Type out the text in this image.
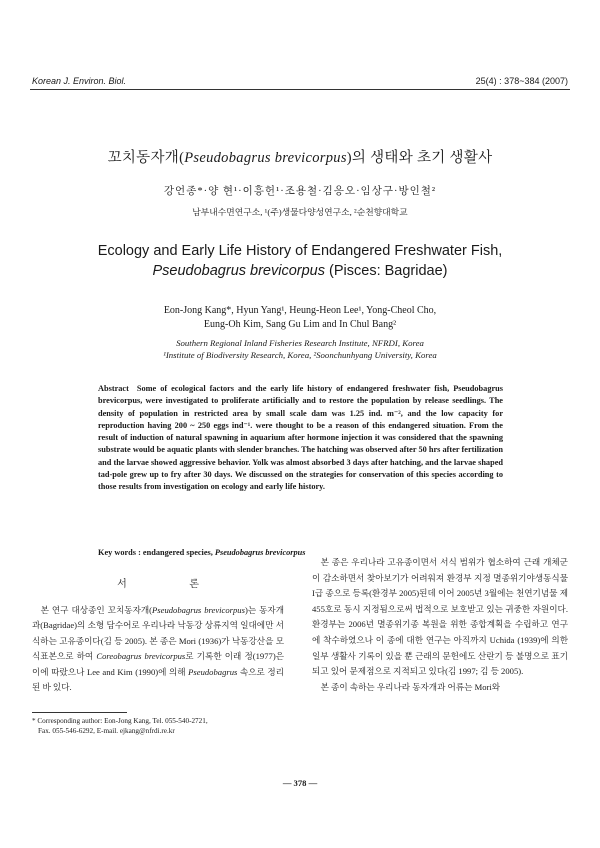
Korean J. Environ. Biol.	25(4) : 378~384 (2007)
꼬치동자개(Pseudobagrus brevicorpus)의 생태와 초기 생활사
강언종*·양 현¹·이흥헌¹·조용철·김응오·임상구·방인철²
남부내수면연구소, ¹(주)생물다양성연구소, ²순천향대학교
Ecology and Early Life History of Endangered Freshwater Fish,
Pseudobagrus brevicorpus (Pisces: Bagridae)
Eon-Jong Kang*, Hyun Yang¹, Heung-Heon Lee¹, Yong-Cheol Cho,
Eung-Oh Kim, Sang Gu Lim and In Chul Bang²
Southern Regional Inland Fisheries Research Institute, NFRDI, Korea
¹Institute of Biodiversity Research, Korea, ²Soonchunhyang University, Korea
Abstract Some of ecological factors and the early life history of endangered freshwater fish, Pseudobagrus brevicorpus, were investigated to proliferate artificially and to restore the population by release seedlings. The density of population in restricted area by small scale dam was 1.25 ind. m⁻², and the low capacity for reproduction having 200 ~ 250 eggs ind⁻¹. were thought to be a reason of this endangered situation. From the result of induction of natural spawning in aquarium after hormone injection it was considered that the spawning substrate would be aquatic plants with slender branches. The hatching was observed after 50 hrs after fertilization and the larvae showed aggressive behavior. Yolk was almost absorbed 3 days after hatching, and the larvae shaped tad-pole grew up to fry after 30 days. We discussed on the strategies for conservation of this species according to those results from investigation on ecology and early life history.
Key words : endangered species, Pseudobagrus brevicorpus
서 론

본 연구 대상종인 꼬치동자개(Pseudobagrus brevicorpus)는 동자개과(Bagridae)의 소형 담수어로 우리나라 낙동강 상류지역 일대에만 서식하는 고유종이다(김 등 2005). 본 종은 Mori (1936)가 낙동강산을 모식표본으로 하여 Coreobagrus brevicorpus로 기록한 이래 정(1977)은 이에 따랐으나 Lee and Kim (1990)에 의해 Pseudobagrus 속으로 정리된 바 있다.

본 종은 우리나라 고유종이면서 서식 범위가 협소하여 근래 개체군이 감소하면서 찾아보기가 어려워져 환경부 지정 멸종위기야생동식물 I급 종으로 등록(환경부 2005)된데 이어 2005년 3월에는 천연기념물 제455호로 동시 지정됨으로써 법적으로 보호받고 있는 귀중한 자원이다. 환경부는 2006년 멸종위기종 복원을 위한 종합계획을 수립하고 연구에 착수하였으나 이 종에 대한 연구는 아직까지 Uchida (1939)에 의한 일부 생활사 기록이 있을 뿐 근래의 문헌에도 산란기 등 불명으로 표기되고 있어 문제점으로 지적되고 있다(김 1997; 김 등 2005).

본 종이 속하는 우리나라 동자개과 어류는 Mori와

* Corresponding author: Eon-Jong Kang, Tel. 055-540-2721,
Fax. 055-546-6292, E-mail. ejkang@nfrdi.re.kr
— 378 —
